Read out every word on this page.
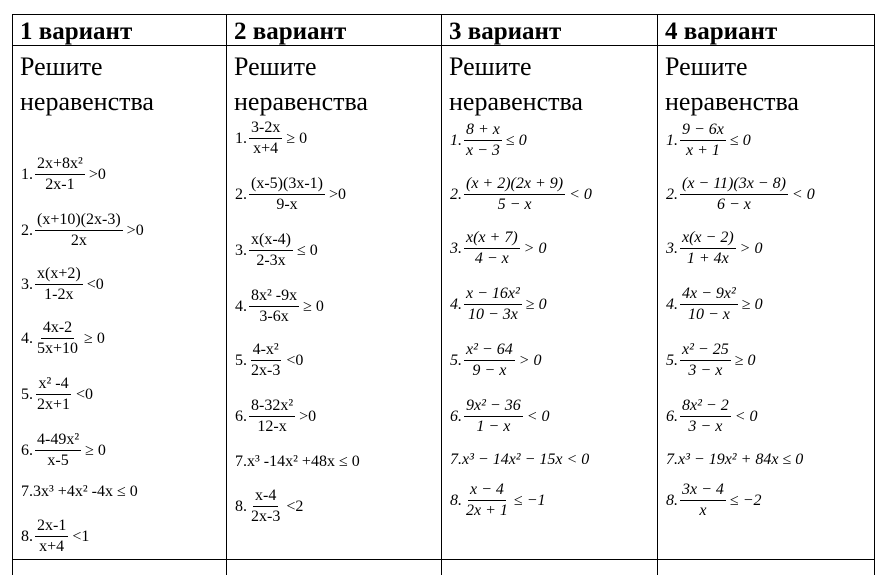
1 вариант
Решите
неравенства
1. $\frac{\text{2x+8x²}}{2x-1} >0$
2. $\frac{(x+10)(2x-3)}{2x} >0$
3. $\frac{x(x+2)}{1-2x} <0$
4. $\frac{4x-2}{5x+10} \ge 0$
5. $\frac{\text{x² -4}}{2x+1} <0$
6. $\frac{\text{4-49x²}}{x-5} \ge 0$
7. 3x³ +4x² -4x ≤ 0
8. $\frac{2x-1}{x+4} <1$
2 вариант
Решите
неравенства
1. $\frac{3-2x}{x+4} \ge 0$
2. $\frac{(x-5)(3x-1)}{9-x} >0$
3. $\frac{x(x-4)}{2-3x} \le 0$
4. $\frac{\text{8x² -9x}}{3-6x} \ge 0$
5. $\frac{\text{4-x²}}{2x-3} <0$
6. $\frac{\text{8-32x²}}{12-x} >0$
7. x³ -14x² +48x ≤ 0
8. $\frac{x-4}{2x-3} <2$
3 вариант
Решите
неравенства
1. $\frac{8 + x}{x - 3} \le 0$
2. $\frac{(x + 2)(2x + 9)}{5 - x} < 0$
3. $\frac{x(x + 7)}{4 - x} > 0$
4. $\frac{\text{x − 16x²}}{10 - 3x} \ge 0$
5. $\frac{\text{x² − 64}}{9 - x} > 0$
6. $\frac{\text{9x² − 36}}{1 - x} < 0$
7. x³ − 14x² − 15x < 0
8. $\frac{x - 4}{2x + 1} \le -1$
4 вариант
Решите
неравенства
1. $\frac{9 - 6x}{x + 1} \le 0$
2. $\frac{(x - 11)(3x - 8)}{6 - x} < 0$
3. $\frac{x(x - 2)}{1 + 4x} > 0$
4. $\frac{\text{4x − 9x²}}{10 - x} \ge 0$
5. $\frac{\text{x² − 25}}{3 - x} \ge 0$
6. $\frac{\text{8x² − 2}}{3 - x} < 0$
7. x³ − 19x² + 84x ≤ 0
8. $\frac{3x - 4}{x} \le -2$
